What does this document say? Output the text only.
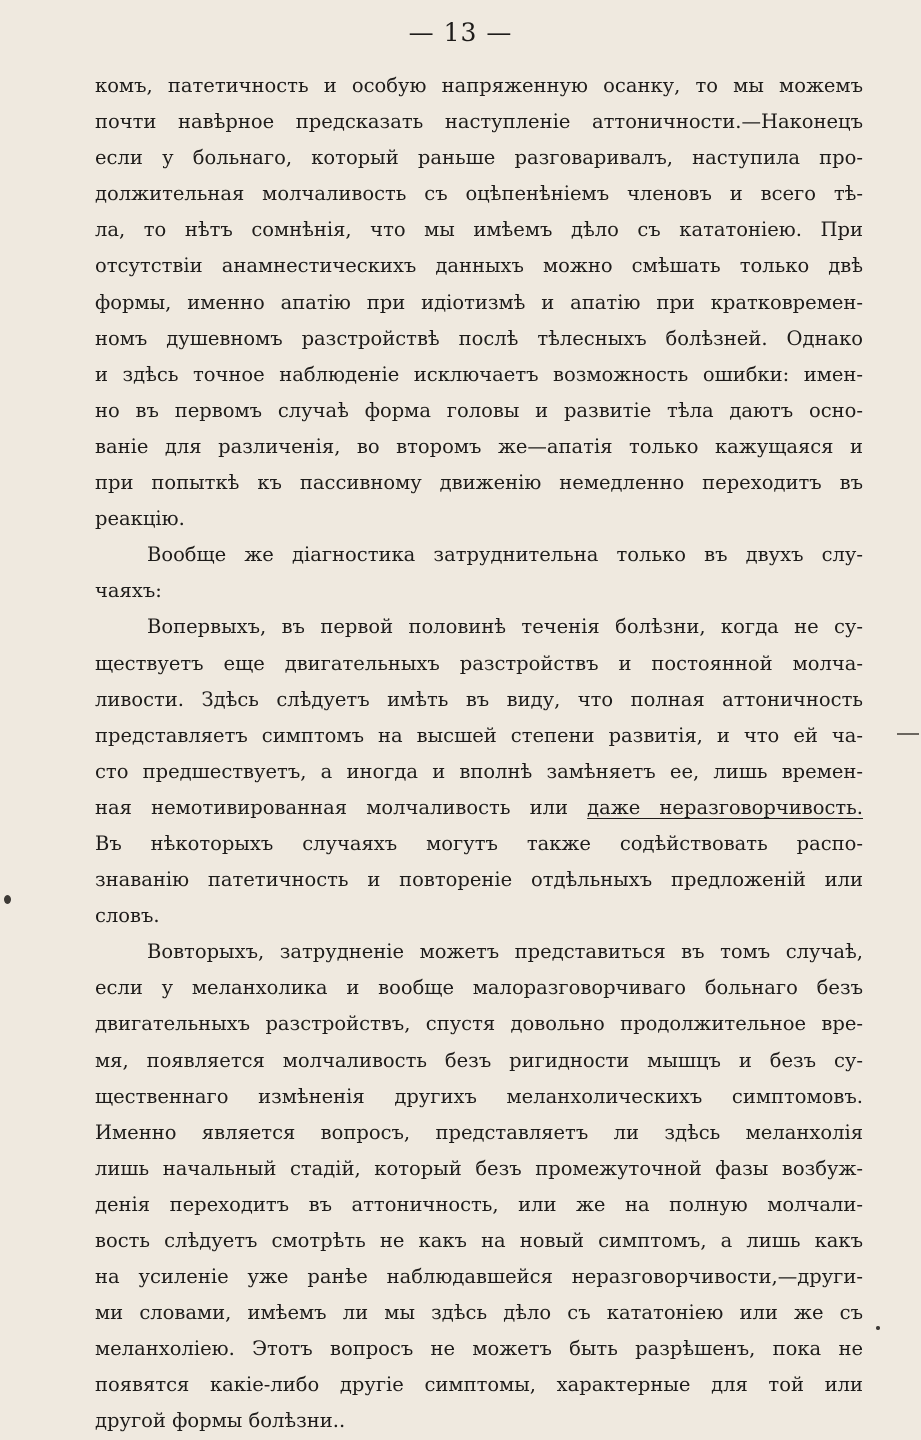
— 13 —
комъ, патетичность и особую напряженную осанку, то мы можемъ
почти навѣрное предсказать наступленіе аттоничности.—Наконецъ
если у больнаго, который раньше разговаривалъ, наступила про-
должительная молчаливость съ оцѣпенѣніемъ членовъ и всего тѣ-
ла, то нѣтъ сомнѣнія, что мы имѣемъ дѣло съ кататоніею. При
отсутствіи анамнестическихъ данныхъ можно смѣшать только двѣ
формы, именно апатію при идіотизмѣ и апатію при кратковремен-
номъ душевномъ разстройствѣ послѣ тѣлесныхъ болѣзней. Однако
и здѣсь точное наблюденіе исключаетъ возможность ошибки: имен-
но въ первомъ случаѣ форма головы и развитіе тѣла даютъ осно-
ваніе для различенія, во второмъ же—апатія только кажущаяся и
при попыткѣ къ пассивному движенію немедленно переходитъ въ
реакцію.
Вообще же діагностика затруднительна только въ двухъ слу-
чаяхъ:
Вопервыхъ, въ первой половинѣ теченія болѣзни, когда не су-
ществуетъ еще двигательныхъ разстройствъ и постоянной молча-
ливости. Здѣсь слѣдуетъ имѣть въ виду, что полная аттоничность
представляетъ симптомъ на высшей степени развитія, и что ей ча-
сто предшествуетъ, а иногда и вполнѣ замѣняетъ ее, лишь времен-
ная немотивированная молчаливость или даже неразговорчивость.
Въ нѣкоторыхъ случаяхъ могутъ также содѣйствовать распо-
знаванію патетичность и повтореніе отдѣльныхъ предложеній или
словъ.
Вовторыхъ, затрудненіе можетъ представиться въ томъ случаѣ,
если у меланхолика и вообще малоразговорчиваго больнаго безъ
двигательныхъ разстройствъ, спустя довольно продолжительное вре-
мя, появляется молчаливость безъ ригидности мышцъ и безъ су-
щественнаго измѣненія другихъ меланхолическихъ симптомовъ.
Именно является вопросъ, представляетъ ли здѣсь меланхолія
лишь начальный стадій, который безъ промежуточной фазы возбуж-
денія переходитъ въ аттоничность, или же на полную молчали-
вость слѣдуетъ смотрѣть не какъ на новый симптомъ, а лишь какъ
на усиленіе уже ранѣе наблюдавшейся неразговорчивости,—други-
ми словами, имѣемъ ли мы здѣсь дѣло съ кататоніею или же съ
меланхоліею. Этотъ вопросъ не можетъ быть разрѣшенъ, пока не
появятся какіе-либо другіе симптомы, характерные для той или
другой формы болѣзни..
